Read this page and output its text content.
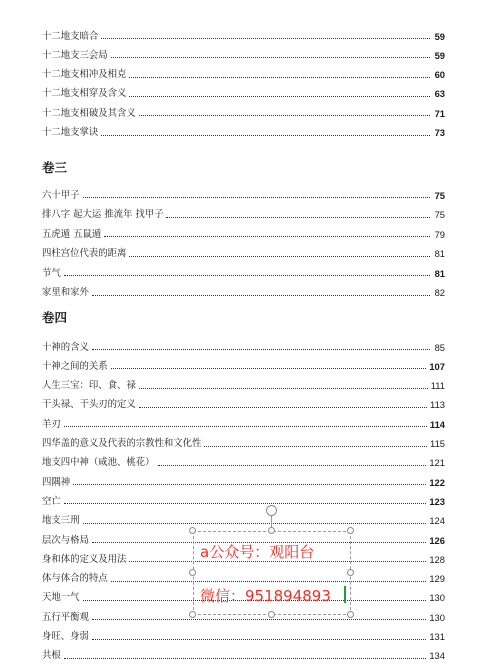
十二地支暗合	59
十二地支三会局	59
十二地支相冲及相克	60
十二地支相穿及含义	63
十二地支相破及其含义	71
十二地支掌诀	73
卷三
六十甲子	75
排八字 起大运 推流年 找甲子	75
五虎遁 五鼠遁	79
四柱宫位代表的距离	81
节气	81
家里和家外	82
卷四
十神的含义	85
十神之间的关系	107
人生三宝：印、食、禄	111
干头禄、干头刃的定义	113
羊刃	114
四华盖的意义及代表的宗教性和文化性	115
地支四中神（咸池、桃花）	121
四隅神	122
空亡	123
地支三刑	124
层次与格局	126
身和体的定义及用法	128
体与体合的特点	129
天地一气	130
五行平衡观	130
身旺、身弱	131
共根	134
a公众号：观阳台
微信：951894893
